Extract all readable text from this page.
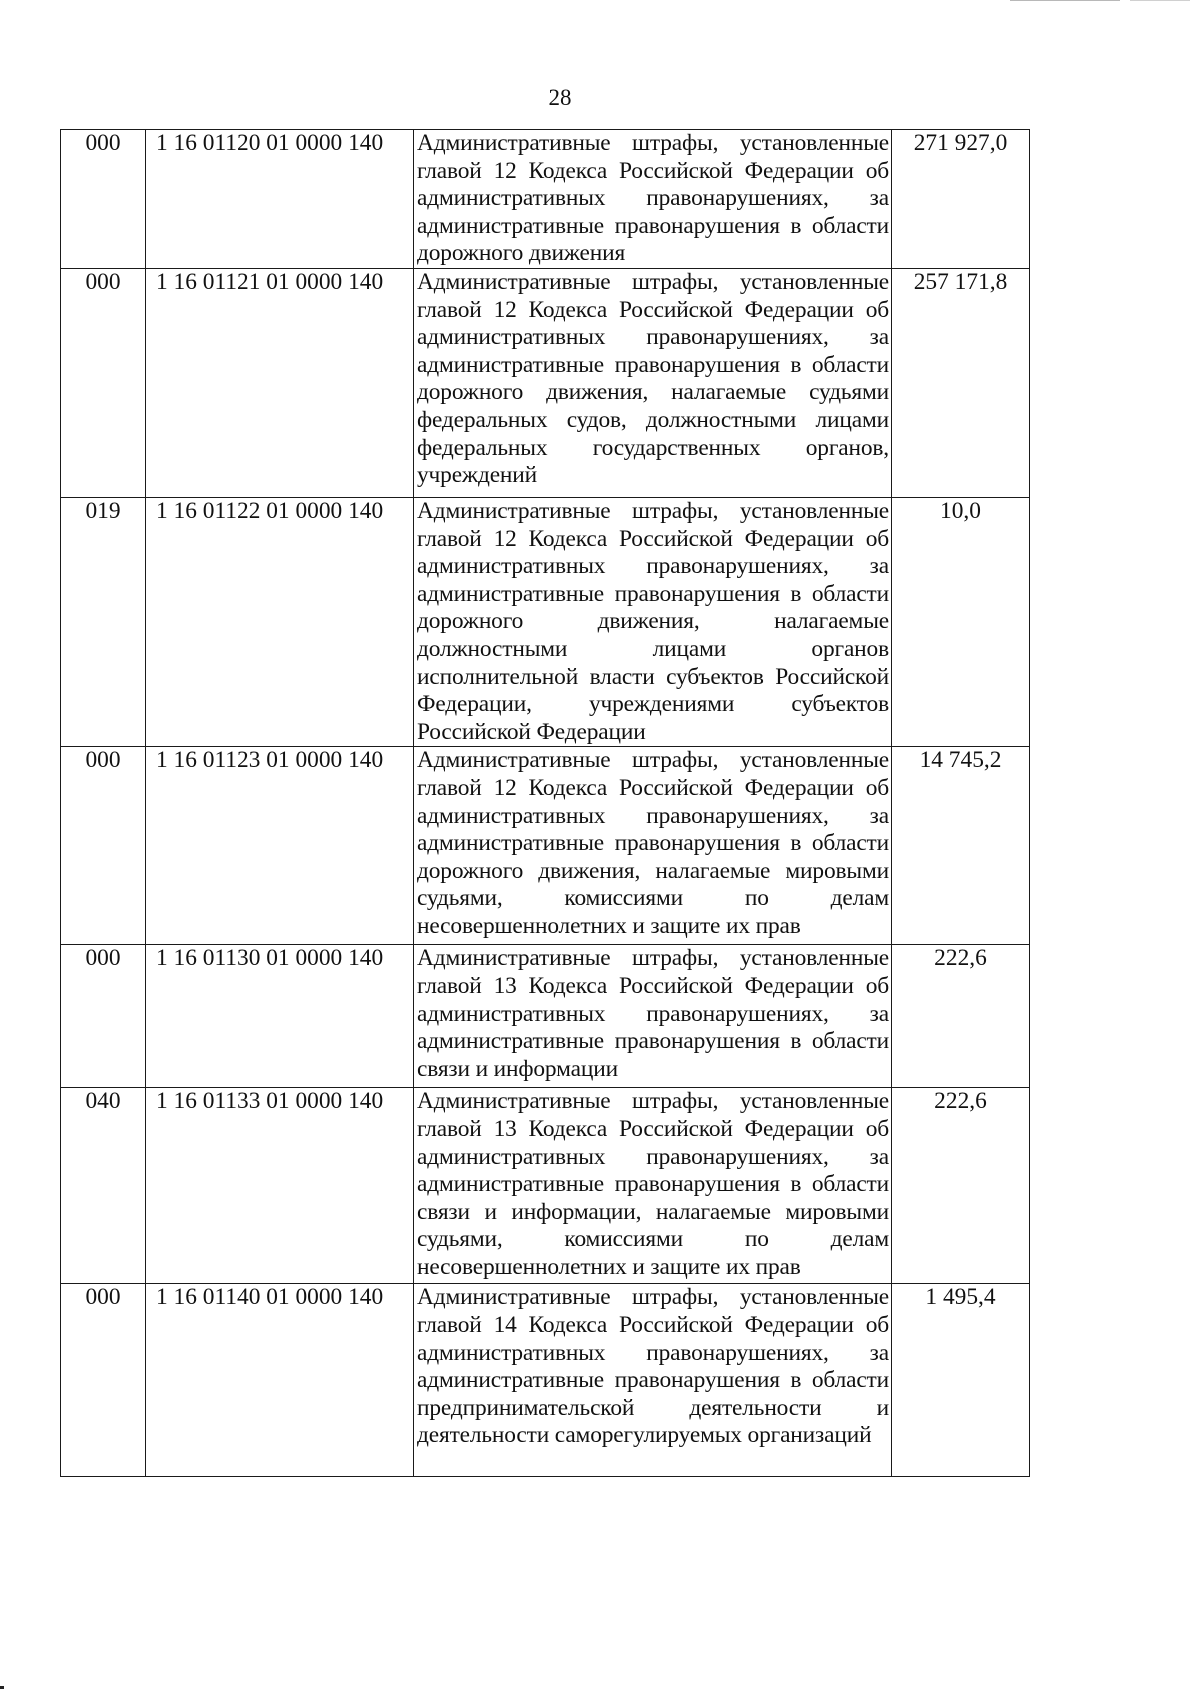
28
000	1 16 01120 01 0000 140	Административные штрафы, установленные главой 12 Кодекса Российской Федерации об административных правонарушениях, за административные правонарушения в области дорожного движения	271 927,0
000	1 16 01121 01 0000 140	Административные штрафы, установленные главой 12 Кодекса Российской Федерации об административных правонарушениях, за административные правонарушения в области дорожного движения, налагаемые судьями федеральных судов, должностными лицами федеральных государственных органов, учреждений	257 171,8
019	1 16 01122 01 0000 140	Административные штрафы, установленные главой 12 Кодекса Российской Федерации об административных правонарушениях, за административные правонарушения в области дорожного движения, налагаемые должностными лицами органов исполнительной власти субъектов Российской Федерации, учреждениями субъектов Российской Федерации	10,0
000	1 16 01123 01 0000 140	Административные штрафы, установленные главой 12 Кодекса Российской Федерации об административных правонарушениях, за административные правонарушения в области дорожного движения, налагаемые мировыми судьями, комиссиями по делам несовершеннолетних и защите их прав	14 745,2
000	1 16 01130 01 0000 140	Административные штрафы, установленные главой 13 Кодекса Российской Федерации об административных правонарушениях, за административные правонарушения в области связи и информации	222,6
040	1 16 01133 01 0000 140	Административные штрафы, установленные главой 13 Кодекса Российской Федерации об административных правонарушениях, за административные правонарушения в области связи и информации, налагаемые мировыми судьями, комиссиями по делам несовершеннолетних и защите их прав	222,6
000	1 16 01140 01 0000 140	Административные штрафы, установленные главой 14 Кодекса Российской Федерации об административных правонарушениях, за административные правонарушения в области предпринимательской деятельности и деятельности саморегулируемых организаций	1 495,4
